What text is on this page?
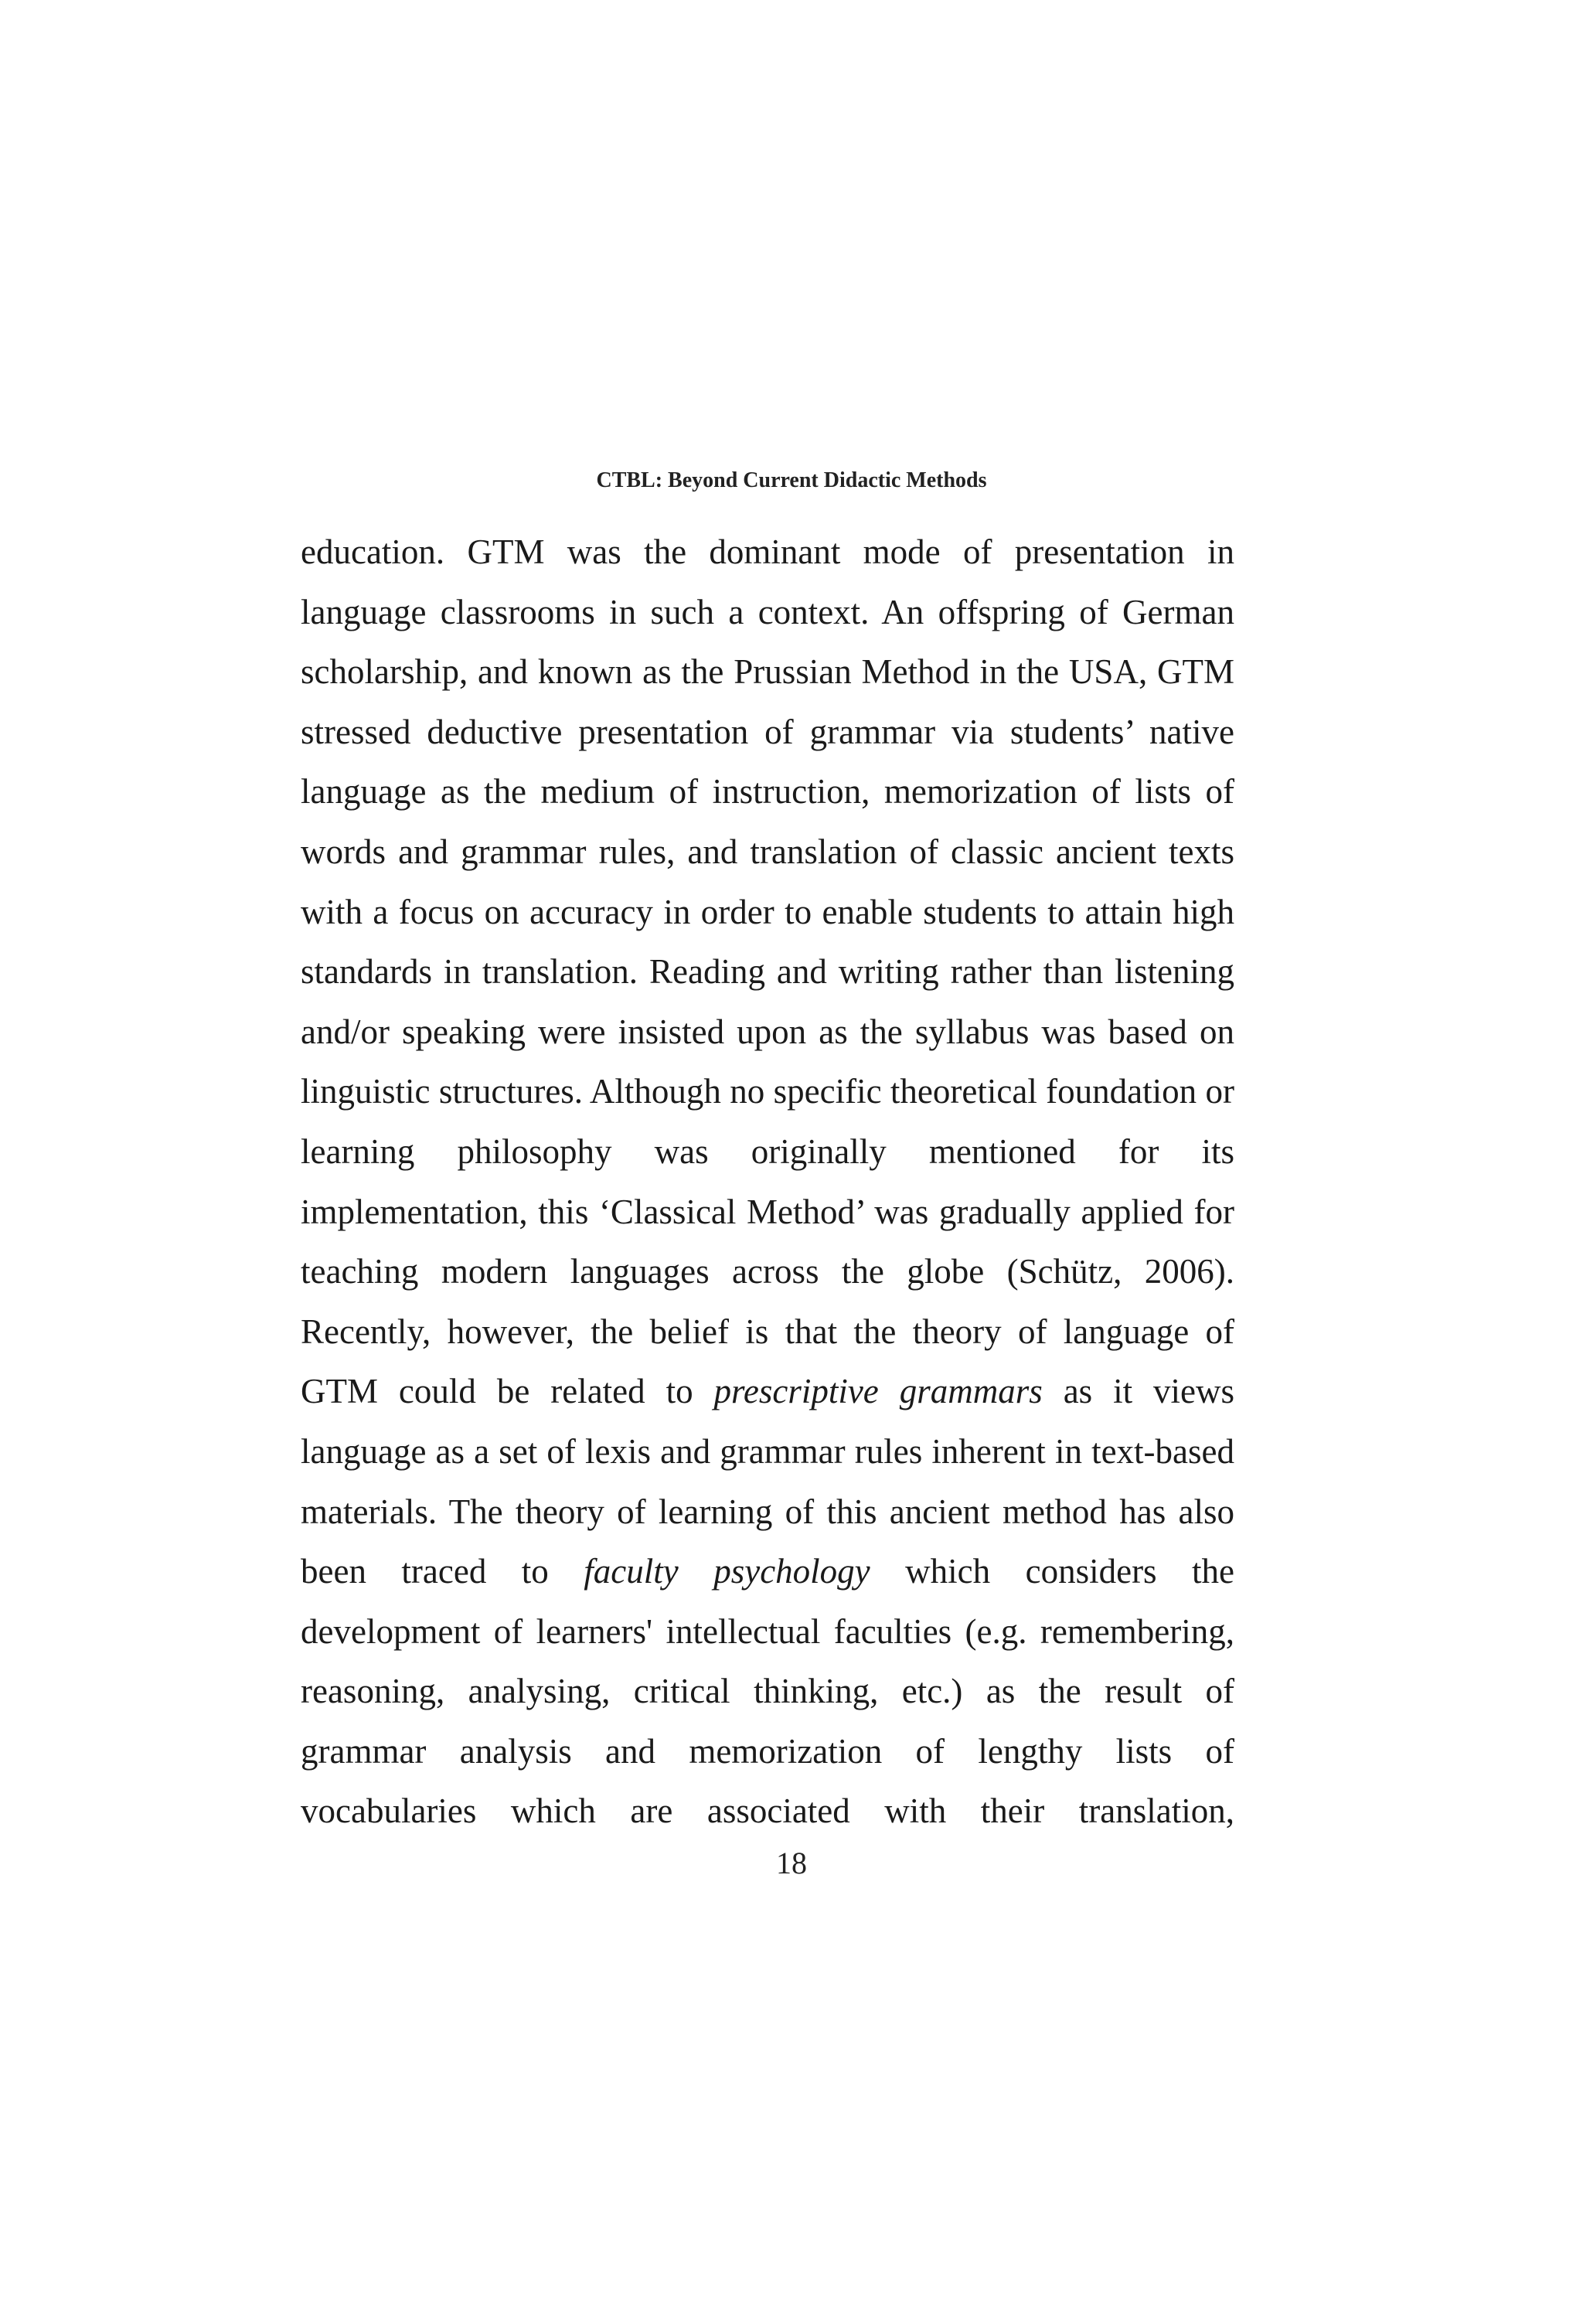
CTBL: Beyond Current Didactic Methods
education. GTM was the dominant mode of presentation in
language classrooms in such a context. An offspring of German
scholarship, and known as the Prussian Method in the USA, GTM
stressed deductive presentation of grammar via students’ native
language as the medium of instruction, memorization of lists of
words and grammar rules, and translation of classic ancient texts
with a focus on accuracy in order to enable students to attain high
standards in translation. Reading and writing rather than listening
and/or speaking were insisted upon as the syllabus was based on
linguistic structures. Although no specific theoretical foundation or
learning philosophy was originally mentioned for its
implementation, this ‘Classical Method’ was gradually applied for
teaching modern languages across the globe (Schütz, 2006).
Recently, however, the belief is that the theory of language of
GTM could be related to prescriptive grammars as it views
language as a set of lexis and grammar rules inherent in text-based
materials. The theory of learning of this ancient method has also
been traced to faculty psychology which considers the
development of learners' intellectual faculties (e.g. remembering,
reasoning, analysing, critical thinking, etc.) as the result of
grammar analysis and memorization of lengthy lists of
vocabularies which are associated with their translation,
18
